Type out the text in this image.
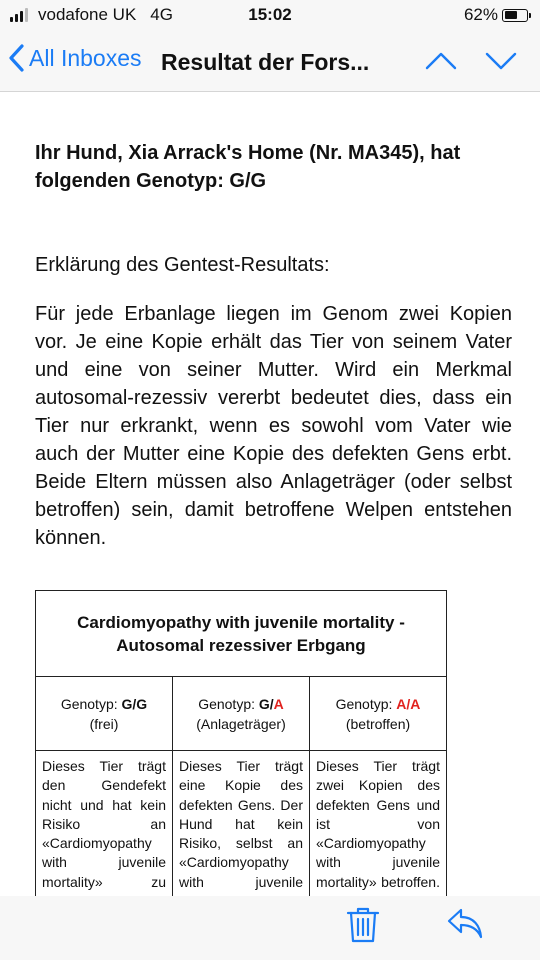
vodafone UK 4G	15:02	62%
All Inboxes Resultat der Fors...
Ihr Hund, Xia Arrack's Home (Nr. MA345), hat folgenden Genotyp: G/G
Erklärung des Gentest-Resultats:
Für jede Erbanlage liegen im Genom zwei Kopien vor. Je eine Kopie erhält das Tier von seinem Vater und eine von seiner Mutter. Wird ein Merkmal autosomal-rezessiv vererbt bedeutet dies, dass ein Tier nur erkrankt, wenn es sowohl vom Vater wie auch der Mutter eine Kopie des defekten Gens erbt. Beide Eltern müssen also Anlageträger (oder selbst betroffen) sein, damit betroffene Welpen entstehen können.
Cardiomyopathy with juvenile mortality -
Autosomal rezessiver Erbgang
Genotyp: G/G
(frei)
Genotyp: G/A
(Anlageträger)
Genotyp: A/A
(betroffen)
Dieses Tier trägt den Gendefekt nicht und hat kein Risiko an «Cardiomyopathy with juvenile mortality» zu
Dieses Tier trägt eine Kopie des defekten Gens. Der Hund hat kein Risiko, selbst an «Cardiomyopathy with juvenile
Dieses Tier trägt zwei Kopien des defekten Gens und ist von «Cardiomyopathy with juvenile mortality» betroffen.
